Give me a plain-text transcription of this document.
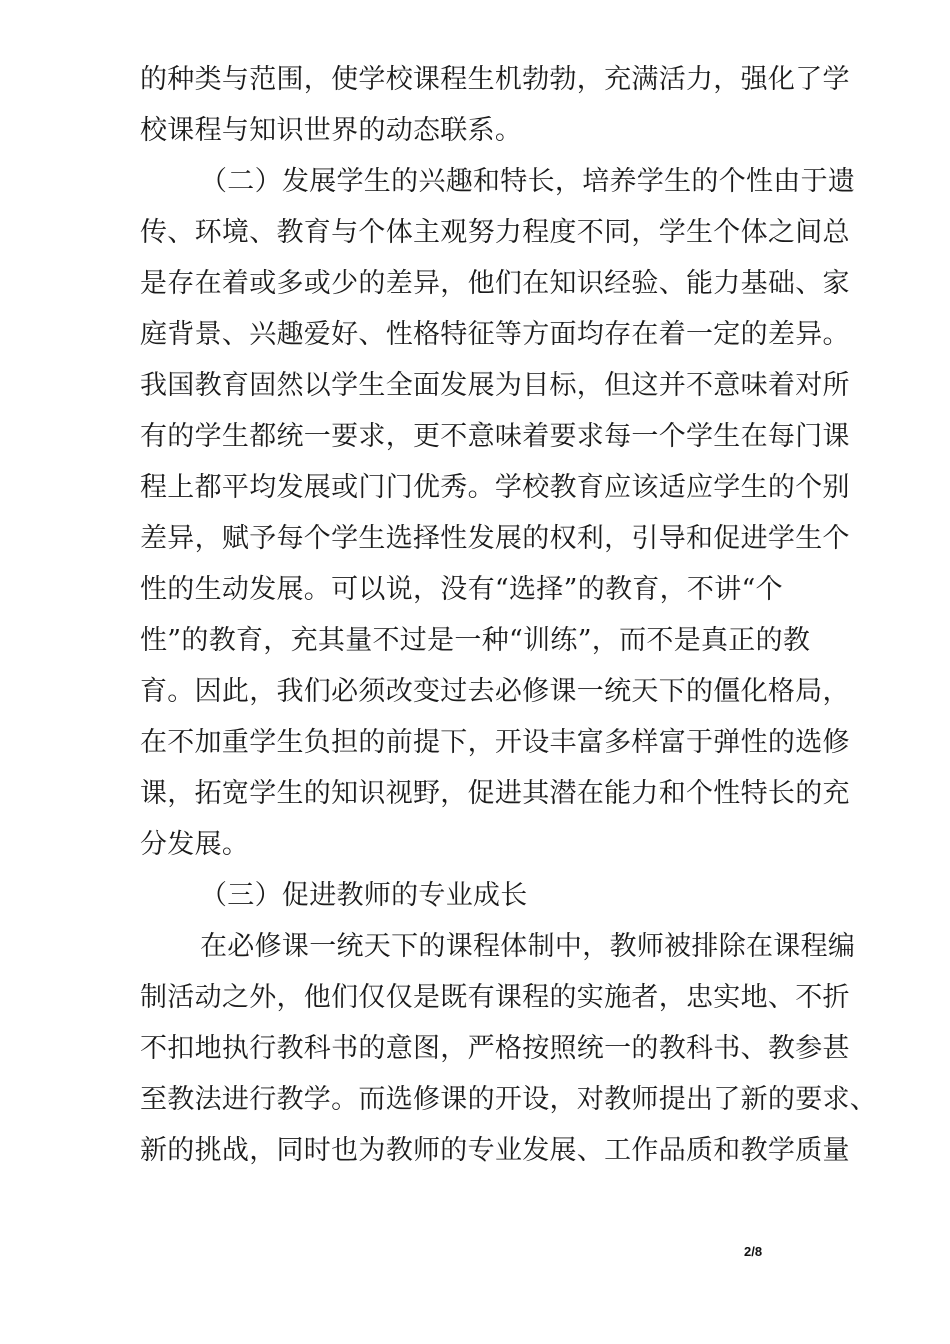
的种类与范围，使学校课程生机勃勃，充满活力，强化了学
校课程与知识世界的动态联系。
（二）发展学生的兴趣和特长，培养学生的个性由于遗
传、环境、教育与个体主观努力程度不同，学生个体之间总
是存在着或多或少的差异，他们在知识经验、能力基础、家
庭背景、兴趣爱好、性格特征等方面均存在着一定的差异。
我国教育固然以学生全面发展为目标，但这并不意味着对所
有的学生都统一要求，更不意味着要求每一个学生在每门课
程上都平均发展或门门优秀。学校教育应该适应学生的个别
差异，赋予每个学生选择性发展的权利，引导和促进学生个
性的生动发展。可以说，没有“选择”的教育，不讲“个
性”的教育，充其量不过是一种“训练”，而不是真正的教
育。因此，我们必须改变过去必修课一统天下的僵化格局，
在不加重学生负担的前提下，开设丰富多样富于弹性的选修
课，拓宽学生的知识视野，促进其潜在能力和个性特长的充
分发展。
（三）促进教师的专业成长
在必修课一统天下的课程体制中，教师被排除在课程编
制活动之外，他们仅仅是既有课程的实施者，忠实地、不折
不扣地执行教科书的意图，严格按照统一的教科书、教参甚
至教法进行教学。而选修课的开设，对教师提出了新的要求、
新的挑战，同时也为教师的专业发展、工作品质和教学质量
2/8
